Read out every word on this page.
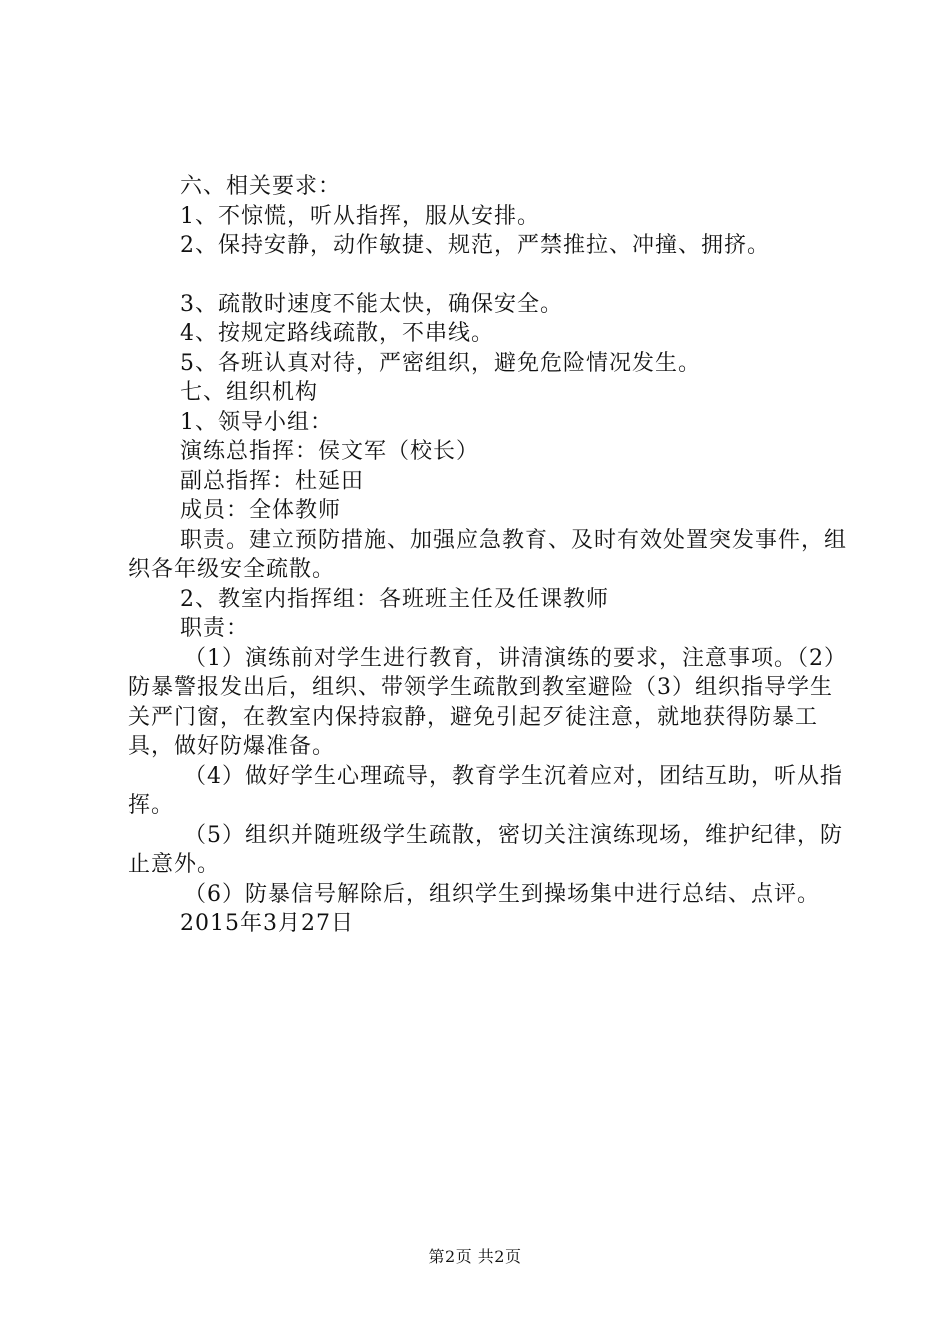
六、相关要求：

1、不惊慌，听从指挥，服从安排。

2、保持安静，动作敏捷、规范，严禁推拉、冲撞、拥挤。

3、疏散时速度不能太快，确保安全。

4、按规定路线疏散，不串线。

5、各班认真对待，严密组织，避免危险情况发生。

七、组织机构

1、领导小组：

演练总指挥：侯文军（校长）

副总指挥：杜延田

成员：全体教师

职责。建立预防措施、加强应急教育、及时有效处置突发事件，组织各年级安全疏散。

2、教室内指挥组：各班班主任及任课教师

职责：

（1）演练前对学生进行教育，讲清演练的要求，注意事项。（2）防暴警报发出后，组织、带领学生疏散到教室避险（3）组织指导学生关严门窗，在教室内保持寂静，避免引起歹徒注意，就地获得防暴工具，做好防爆准备。

（4）做好学生心理疏导，教育学生沉着应对，团结互助，听从指挥。

（5）组织并随班级学生疏散，密切关注演练现场，维护纪律，防止意外。

（6）防暴信号解除后，组织学生到操场集中进行总结、点评。

2015年3月27日

第2页 共2页
